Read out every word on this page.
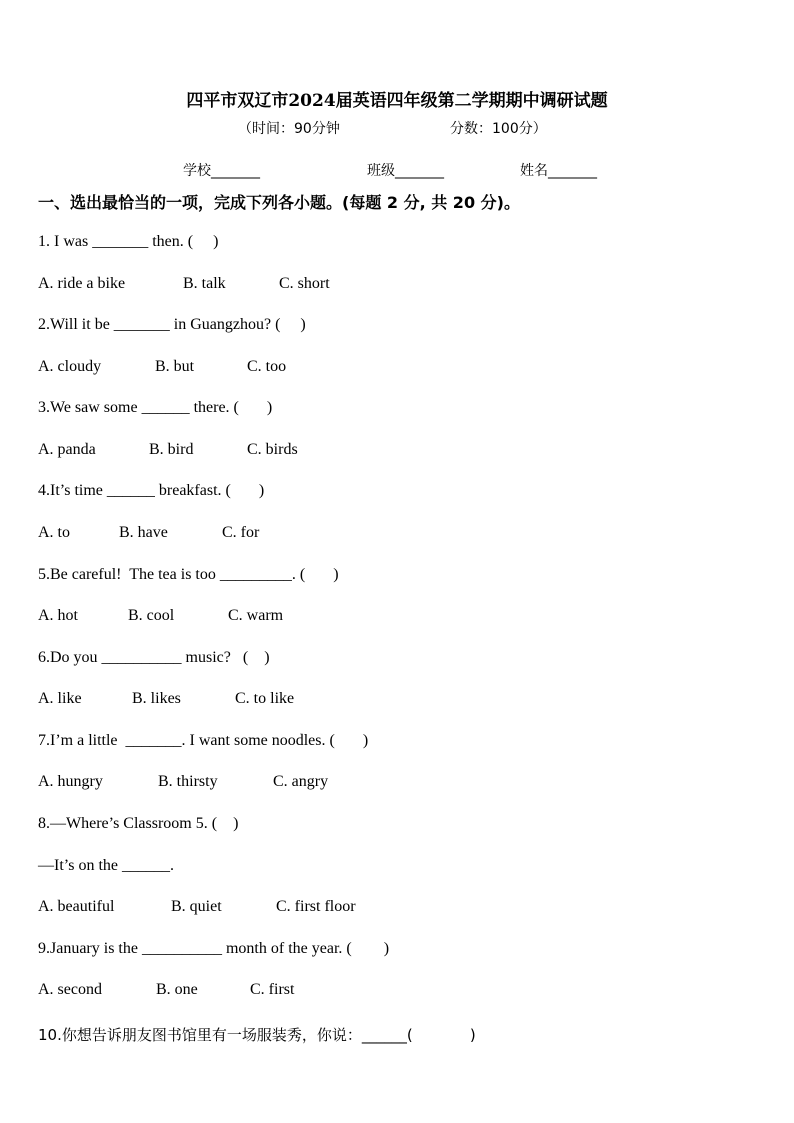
四平市双辽市2024届英语四年级第二学期期中调研试题
（时间：90分钟	分数：100分）
学校_______	班级_______	姓名_______
一、选出最恰当的一项，完成下列各小题。(每题 2 分, 共 20 分)。
1. I was _______ then. (     )
A. ride a bike	B. talk	C. short
2.Will it be _______ in Guangzhou? (     )
A. cloudy	B. but	C. too
3.We saw some ______ there. (       )
A. panda	B. bird	C. birds
4.It’s time ______ breakfast. (       )
A. to	B. have	C. for
5.Be careful!  The tea is too _________. (       )
A. hot	B. cool	C. warm
6.Do you __________ music?   (    )
A. like	B. likes	C. to like
7.I’m a little  _______. I want some noodles. (       )
A. hungry	B. thirsty	C. angry
8.—Where’s Classroom 5. (    )
—It’s on the ______.
A. beautiful	B. quiet	C. first floor
9.January is the __________ month of the year. (        )
A. second	B. one	C. first
10.你想告诉朋友图书馆里有一场服装秀，你说：______(            )
